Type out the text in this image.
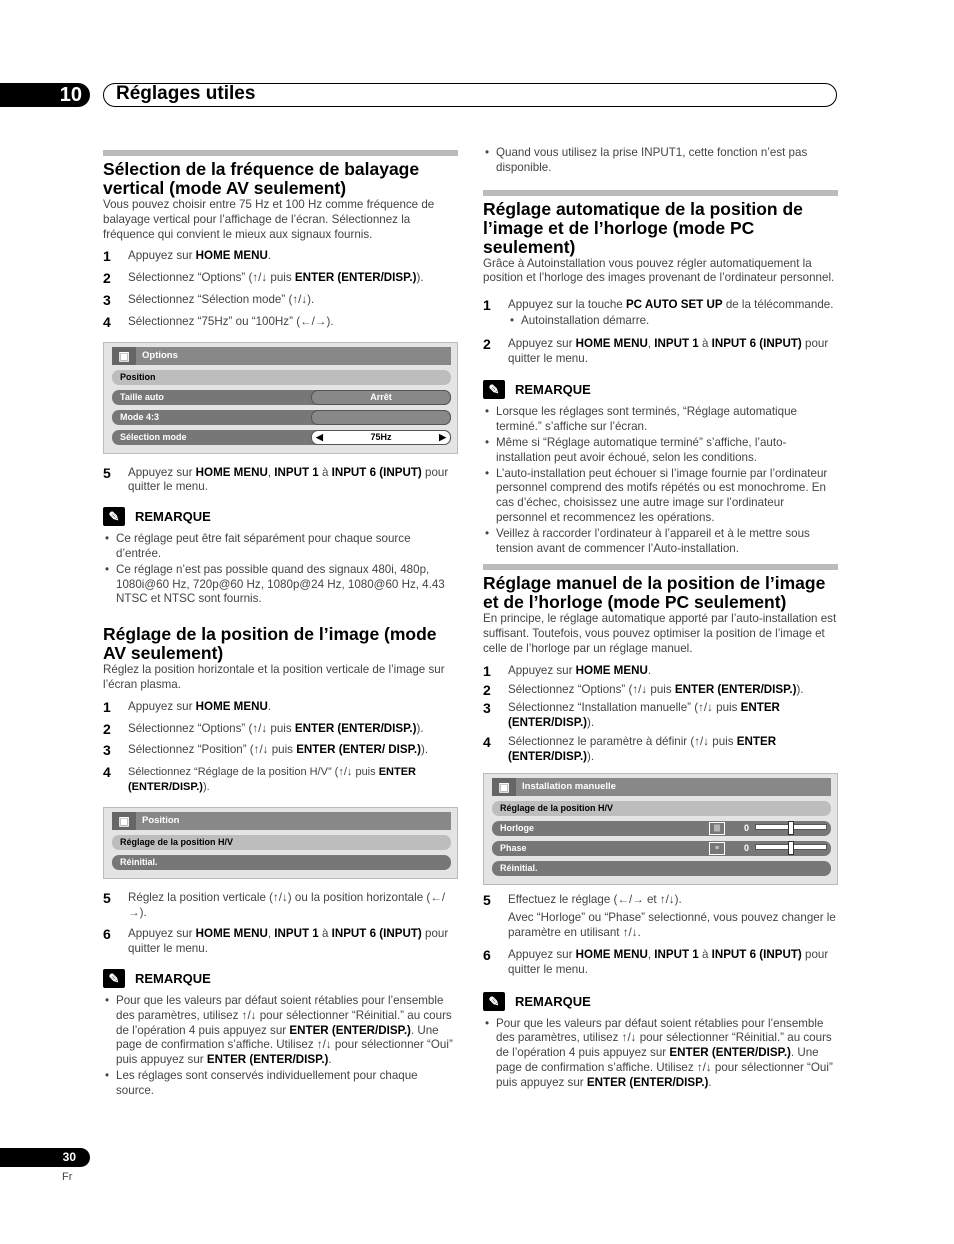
10	Réglages utiles
Sélection de la fréquence de balayage vertical (mode AV seulement)

Vous pouvez choisir entre 75 Hz et 100 Hz comme fréquence de balayage vertical pour l’affichage de l’écran. Sélectionnez la fréquence qui convient le mieux aux signaux fournis.

1	Appuyez sur HOME MENU.
2	Sélectionnez “Options” (↑/↓ puis ENTER (ENTER/DISP.)).
3	Sélectionnez “Sélection mode” (↑/↓).
4	Sélectionnez “75Hz” ou “100Hz” (←/→).
▣	Options
Position
Taille auto	Arrêt
Mode 4:3
Sélection mode	◀	75Hz	▶
5	Appuyez sur HOME MENU, INPUT 1 à INPUT 6 (INPUT) pour quitter le menu.
✎	REMARQUE
• Ce réglage peut être fait séparément pour chaque source d’entrée.
• Ce réglage n’est pas possible quand des signaux 480i, 480p, 1080i@60 Hz, 720p@60 Hz, 1080p@24 Hz, 1080@60 Hz, 4.43 NTSC et NTSC sont fournis.
Réglage de la position de l’image (mode AV seulement)

Réglez la position horizontale et la position verticale de l’image sur l’écran plasma.

1	Appuyez sur HOME MENU.
2	Sélectionnez “Options” (↑/↓ puis ENTER (ENTER/DISP.)).
3	Sélectionnez “Position” (↑/↓ puis ENTER (ENTER/ DISP.)).
4	Sélectionnez “Réglage de la position H/V” (↑/↓ puis ENTER (ENTER/DISP.)).
▣	Position
Réglage de la position H/V
Réinitial.
5	Réglez la position verticale (↑/↓) ou la position horizontale (←/→).
6	Appuyez sur HOME MENU, INPUT 1 à INPUT 6 (INPUT) pour quitter le menu.
✎	REMARQUE
• Pour que les valeurs par défaut soient rétablies pour l’ensemble des paramètres, utilisez ↑/↓ pour sélectionner “Réinitial.” au cours de l’opération 4 puis appuyez sur ENTER (ENTER/DISP.). Une page de confirmation s’affiche. Utilisez ↑/↓ pour sélectionner “Oui” puis appuyez sur ENTER (ENTER/DISP.).
• Les réglages sont conservés individuellement pour chaque source.
• Quand vous utilisez la prise INPUT1, cette fonction n’est pas disponible.
Réglage automatique de la position de l’image et de l’horloge (mode PC seulement)

Grâce à Autoinstallation vous pouvez régler automatiquement la position et l’horloge des images provenant de l’ordinateur personnel.

1	Appuyez sur la touche PC AUTO SET UP de la télécommande.
• Autoinstallation démarre.
2	Appuyez sur HOME MENU, INPUT 1 à INPUT 6 (INPUT) pour quitter le menu.
✎	REMARQUE
• Lorsque les réglages sont terminés, “Réglage automatique terminé.” s’affiche sur l’écran.
• Même si “Réglage automatique terminé” s’affiche, l’auto-installation peut avoir échoué, selon les conditions.
• L’auto-installation peut échouer si l’image fournie par l’ordinateur personnel comprend des motifs répétés ou est monochrome. En cas d’échec, choisissez une autre image sur l’ordinateur personnel et recommencez les opérations.
• Veillez à raccorder l’ordinateur à l’appareil et à le mettre sous tension avant de commencer l’Auto-installation.
Réglage manuel de la position de l’image et de l’horloge (mode PC seulement)

En principe, le réglage automatique apporté par l’auto-installation est suffisant. Toutefois, vous pouvez optimiser la position de l’image et celle de l’horloge par un réglage manuel.

1	Appuyez sur HOME MENU.
2	Sélectionnez “Options” (↑/↓ puis ENTER (ENTER/DISP.)).
3	Sélectionnez “Installation manuelle” (↑/↓ puis ENTER (ENTER/DISP.)).
4	Sélectionnez le paramètre à définir (↑/↓ puis ENTER (ENTER/DISP.)).
▣	Installation manuelle
Réglage de la position H/V
Horloge	|||	0
Phase	≡	0
Réinitial.
5	Effectuez le réglage (←/→ et ↑/↓).
Avec “Horloge” ou “Phase” selectionné, vous pouvez changer le paramètre en utilisant ↑/↓.
6	Appuyez sur HOME MENU, INPUT 1 à INPUT 6 (INPUT) pour quitter le menu.
✎	REMARQUE
• Pour que les valeurs par défaut soient rétablies pour l’ensemble des paramètres, utilisez ↑/↓ pour sélectionner “Réinitial.” au cours de l’opération 4 puis appuyez sur ENTER (ENTER/DISP.). Une page de confirmation s’affiche. Utilisez ↑/↓ pour sélectionner “Oui” puis appuyez sur ENTER (ENTER/DISP.).
30
Fr
